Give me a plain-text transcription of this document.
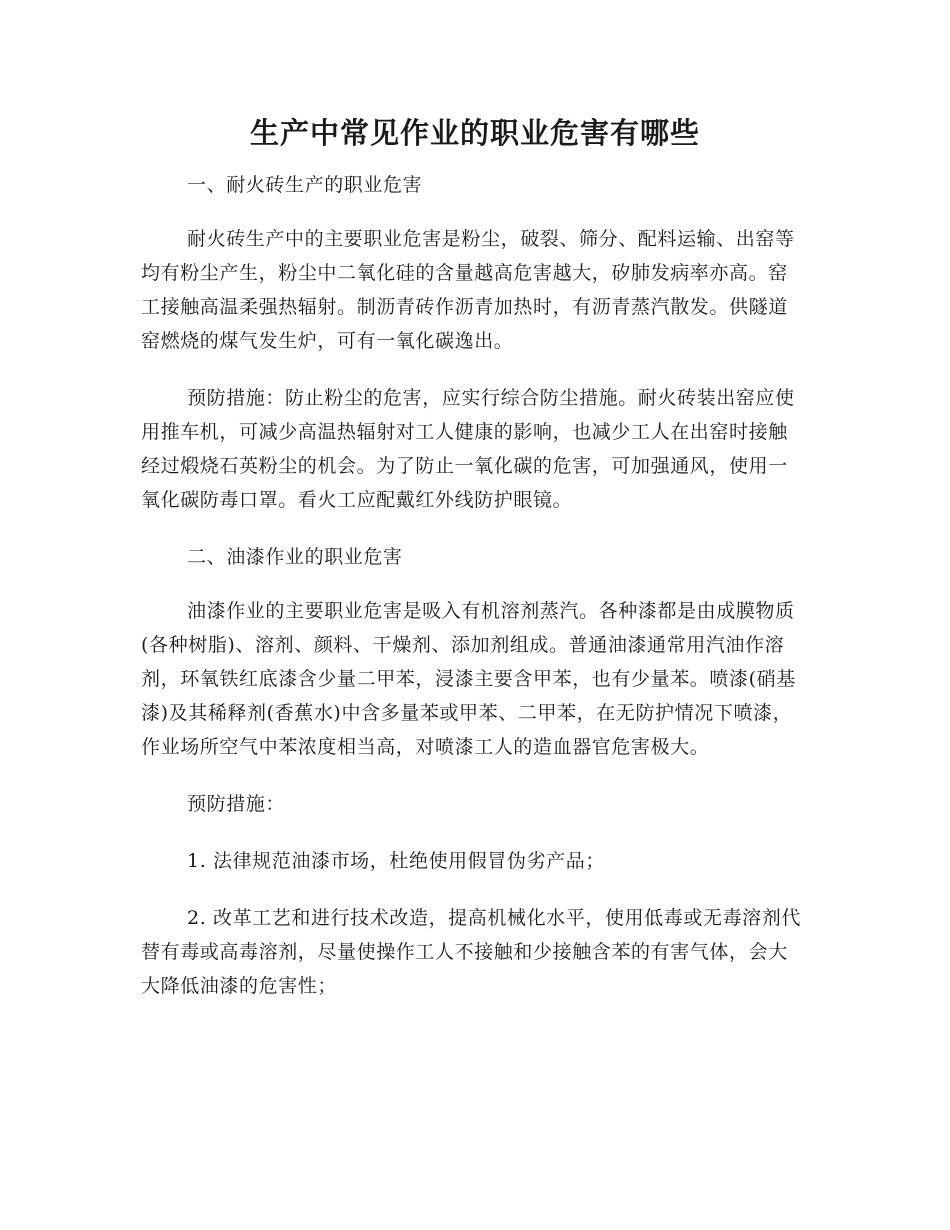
生产中常见作业的职业危害有哪些

一、耐火砖生产的职业危害

耐火砖生产中的主要职业危害是粉尘，破裂、筛分、配料运输、出窑等均有粉尘产生，粉尘中二氧化硅的含量越高危害越大，矽肺发病率亦高。窑工接触高温柔强热辐射。制沥青砖作沥青加热时，有沥青蒸汽散发。供隧道窑燃烧的煤气发生炉，可有一氧化碳逸出。

预防措施：防止粉尘的危害，应实行综合防尘措施。耐火砖装出窑应使用推车机，可减少高温热辐射对工人健康的影响，也减少工人在出窑时接触经过煅烧石英粉尘的机会。为了防止一氧化碳的危害，可加强通风，使用一氧化碳防毒口罩。看火工应配戴红外线防护眼镜。

二、油漆作业的职业危害

油漆作业的主要职业危害是吸入有机溶剂蒸汽。各种漆都是由成膜物质(各种树脂)、溶剂、颜料、干燥剂、添加剂组成。普通油漆通常用汽油作溶剂，环氧铁红底漆含少量二甲苯，浸漆主要含甲苯，也有少量苯。喷漆(硝基漆)及其稀释剂(香蕉水)中含多量苯或甲苯、二甲苯，在无防护情况下喷漆，作业场所空气中苯浓度相当高，对喷漆工人的造血器官危害极大。

预防措施：

1. 法律规范油漆市场，杜绝使用假冒伪劣产品；

2. 改革工艺和进行技术改造，提高机械化水平，使用低毒或无毒溶剂代替有毒或高毒溶剂，尽量使操作工人不接触和少接触含苯的有害气体，会大大降低油漆的危害性；
